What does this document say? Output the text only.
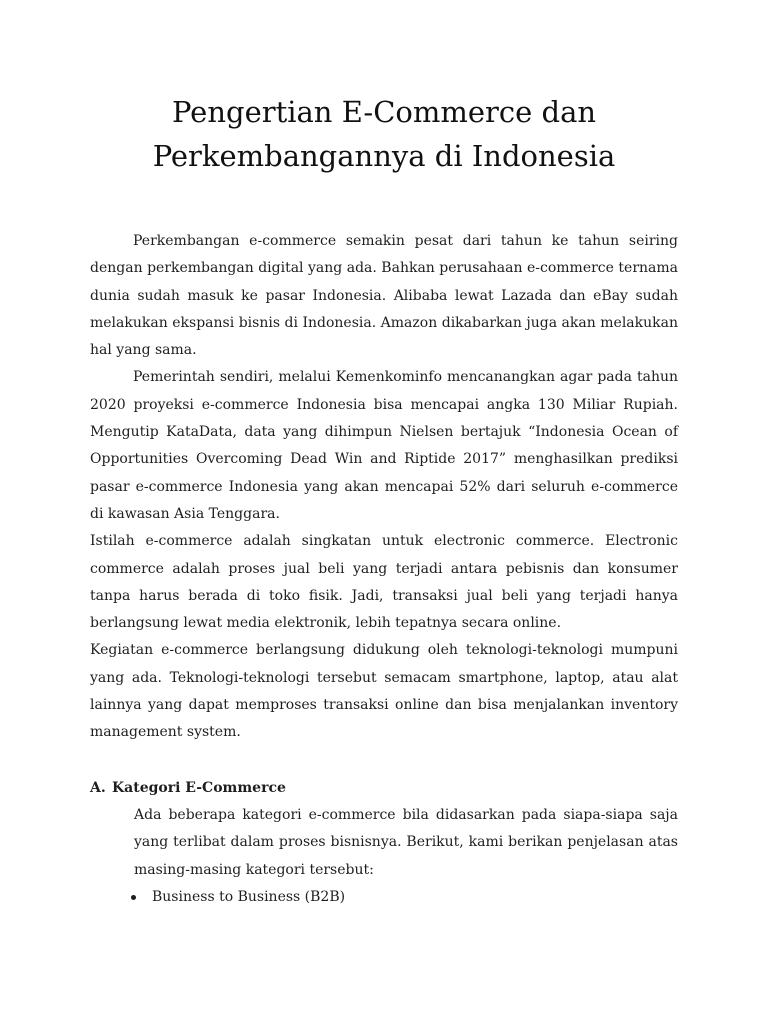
Pengertian E-Commerce dan
Perkembangannya di Indonesia

Perkembangan e-commerce semakin pesat dari tahun ke tahun seiring dengan perkembangan digital yang ada. Bahkan perusahaan e-commerce ternama dunia sudah masuk ke pasar Indonesia. Alibaba lewat Lazada dan eBay sudah melakukan ekspansi bisnis di Indonesia. Amazon dikabarkan juga akan melakukan hal yang sama.

Pemerintah sendiri, melalui Kemenkominfo mencanangkan agar pada tahun 2020 proyeksi e-commerce Indonesia bisa mencapai angka 130 Miliar Rupiah. Mengutip KataData, data yang dihimpun Nielsen bertajuk “Indonesia Ocean of Opportunities Overcoming Dead Win and Riptide 2017” menghasilkan prediksi pasar e-commerce Indonesia yang akan mencapai 52% dari seluruh e-commerce di kawasan Asia Tenggara.

Istilah e-commerce adalah singkatan untuk electronic commerce. Electronic commerce adalah proses jual beli yang terjadi antara pebisnis dan konsumer tanpa harus berada di toko fisik. Jadi, transaksi jual beli yang terjadi hanya berlangsung lewat media elektronik, lebih tepatnya secara online.

Kegiatan e-commerce berlangsung didukung oleh teknologi-teknologi mumpuni yang ada. Teknologi-teknologi tersebut semacam smartphone, laptop, atau alat lainnya yang dapat memproses transaksi online dan bisa menjalankan inventory management system.

A. Kategori E-Commerce

Ada beberapa kategori e-commerce bila didasarkan pada siapa-siapa saja yang terlibat dalam proses bisnisnya. Berikut, kami berikan penjelasan atas masing-masing kategori tersebut:

Business to Business (B2B)
